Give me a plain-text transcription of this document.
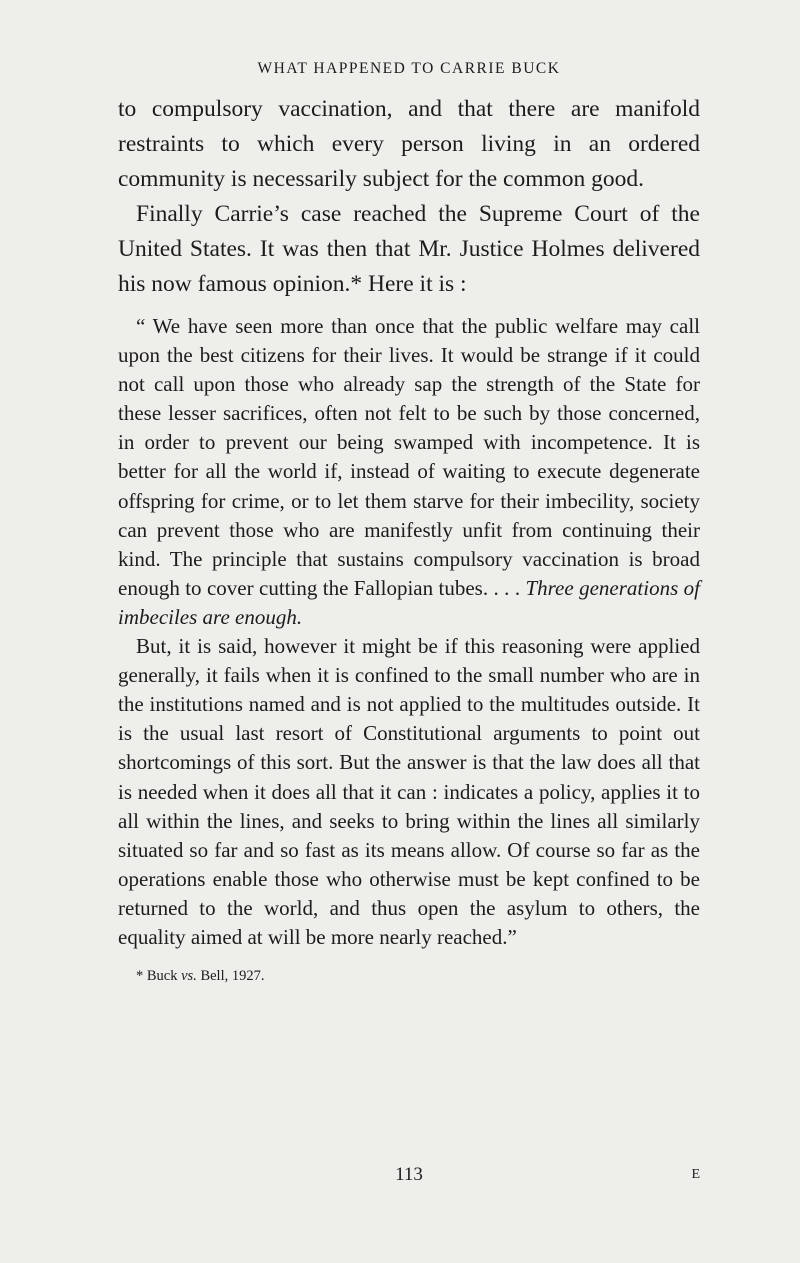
WHAT HAPPENED TO CARRIE BUCK

to compulsory vaccination, and that there are manifold restraints to which every person living in an ordered community is necessarily subject for the common good.

Finally Carrie’s case reached the Supreme Court of the United States. It was then that Mr. Justice Holmes delivered his now famous opinion.* Here it is :

“ We have seen more than once that the public welfare may call upon the best citizens for their lives. It would be strange if it could not call upon those who already sap the strength of the State for these lesser sacrifices, often not felt to be such by those concerned, in order to prevent our being swamped with incompetence. It is better for all the world if, instead of waiting to execute degenerate offspring for crime, or to let them starve for their imbecility, society can prevent those who are manifestly unfit from continuing their kind. The principle that sustains compulsory vaccination is broad enough to cover cutting the Fallopian tubes. . . . Three generations of imbeciles are enough.

But, it is said, however it might be if this reasoning were applied generally, it fails when it is confined to the small number who are in the institutions named and is not applied to the multitudes outside. It is the usual last resort of Constitutional arguments to point out shortcomings of this sort. But the answer is that the law does all that is needed when it does all that it can : indicates a policy, applies it to all within the lines, and seeks to bring within the lines all similarly situated so far and so fast as its means allow. Of course so far as the operations enable those who otherwise must be kept confined to be returned to the world, and thus open the asylum to others, the equality aimed at will be more nearly reached.”

* Buck vs. Bell, 1927.
113	E
